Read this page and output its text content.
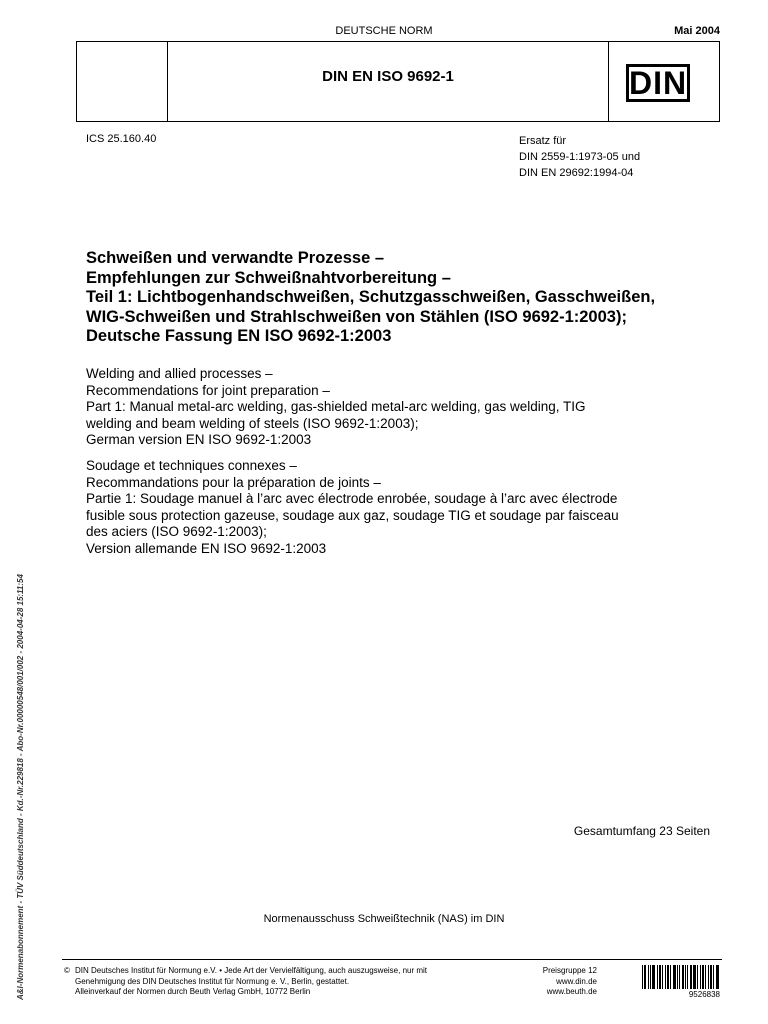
DEUTSCHE NORM	Mai 2004
DIN EN ISO 9692-1	DIN
ICS 25.160.40	Ersatz für
DIN 2559-1:1973-05 und
DIN EN 29692:1994-04
Schweißen und verwandte Prozesse –
Empfehlungen zur Schweißnahtvorbereitung –
Teil 1: Lichtbogenhandschweißen, Schutzgasschweißen, Gasschweißen,
WIG-Schweißen und Strahlschweißen von Stählen (ISO 9692-1:2003);
Deutsche Fassung EN ISO 9692-1:2003
Welding and allied processes –
Recommendations for joint preparation –
Part 1: Manual metal-arc welding, gas-shielded metal-arc welding, gas welding, TIG
welding and beam welding of steels (ISO 9692-1:2003);
German version EN ISO 9692-1:2003
Soudage et techniques connexes –
Recommandations pour la préparation de joints –
Partie 1: Soudage manuel à l’arc avec électrode enrobée, soudage à l’arc avec électrode
fusible sous protection gazeuse, soudage aux gaz, soudage TIG et soudage par faisceau
des aciers (ISO 9692-1:2003);
Version allemande EN ISO 9692-1:2003
Gesamtumfang 23 Seiten
Normenausschuss Schweißtechnik (NAS) im DIN
© DIN Deutsches Institut für Normung e.V. • Jede Art der Vervielfältigung, auch auszugsweise, nur mit
Genehmigung des DIN Deutsches Institut für Normung e. V., Berlin, gestattet.
Alleinverkauf der Normen durch Beuth Verlag GmbH, 10772 Berlin
Preisgruppe 12
www.din.de
www.beuth.de	9526838
A&I-Normenabonnement - TÜV Süddeutschland - Kd.-Nr.229818 - Abo-Nr.00000548/001/002 - 2004-04-28 15:11:54
